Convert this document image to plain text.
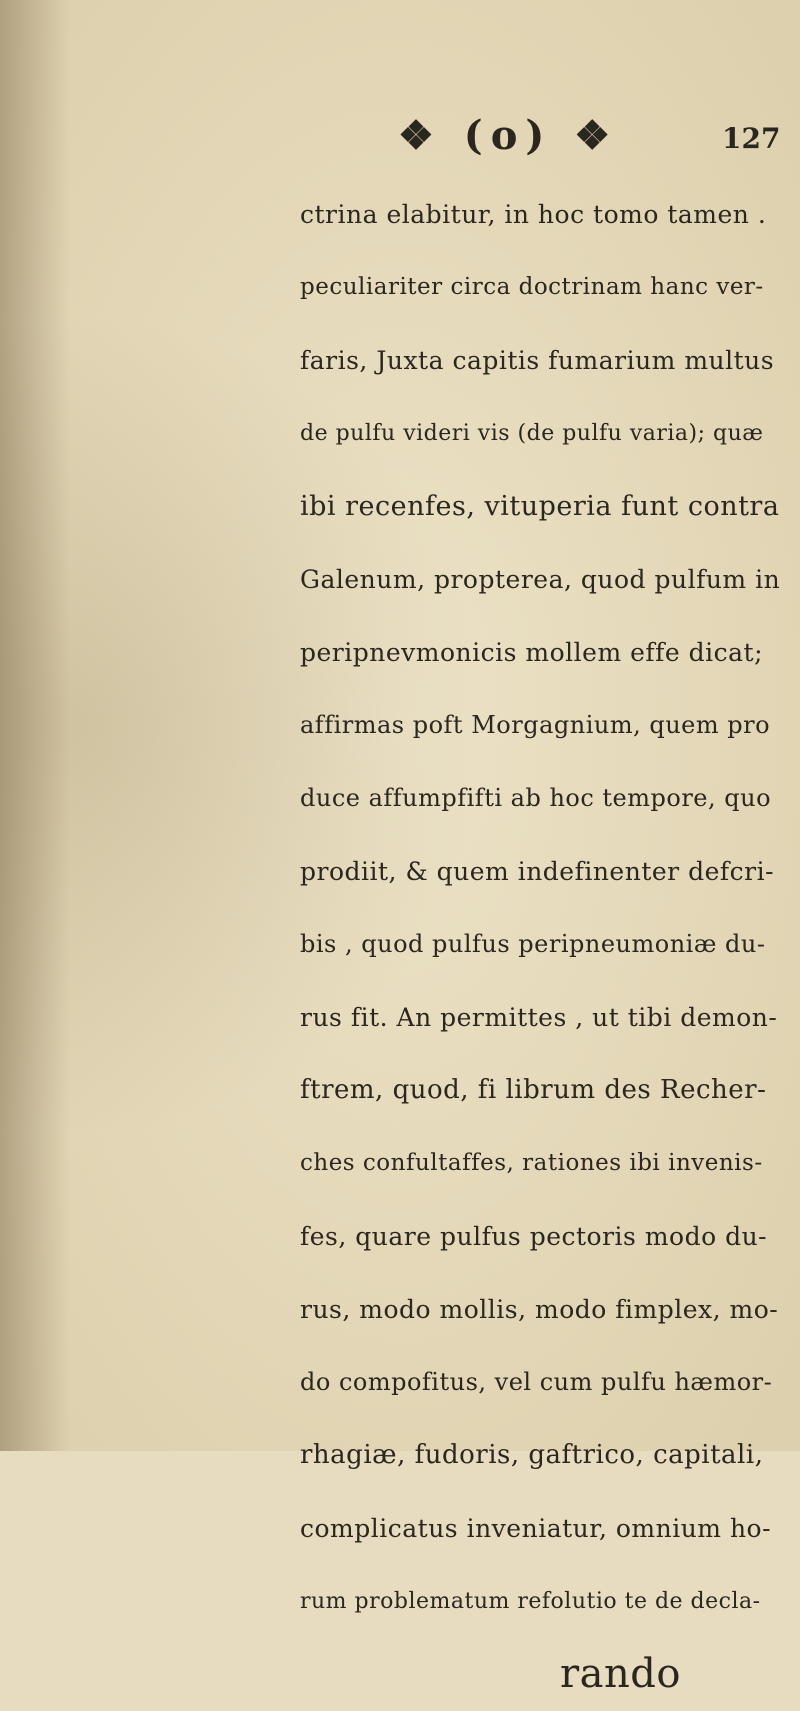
❖ (o) ❖	127
ctrina elabitur, in hoc tomo tamen .
peculiariter circa doctrinam hanc ver-
faris, Juxta capitis fumarium multus
de pulfu videri vis (de pulfu varia); quæ
ibi recenfes, vituperia funt contra
Galenum, propterea, quod pulfum in
peripnevmonicis mollem effe dicat;
affirmas poft Morgagnium, quem pro
duce affumpfifti ab hoc tempore, quo
prodiit, & quem indefinenter defcri-
bis , quod pulfus peripneumoniæ du-
rus fit. An permittes , ut tibi demon-
ftrem, quod, fi librum des Recher-
ches confultaffes, rationes ibi invenis-
fes, quare pulfus pectoris modo du-
rus, modo mollis, modo fimplex, mo-
do compofitus, vel cum pulfu hæmor-
rhagiæ, fudoris, gaftrico, capitali,
complicatus inveniatur, omnium ho-
rum problematum refolutio te de decla-
rando
